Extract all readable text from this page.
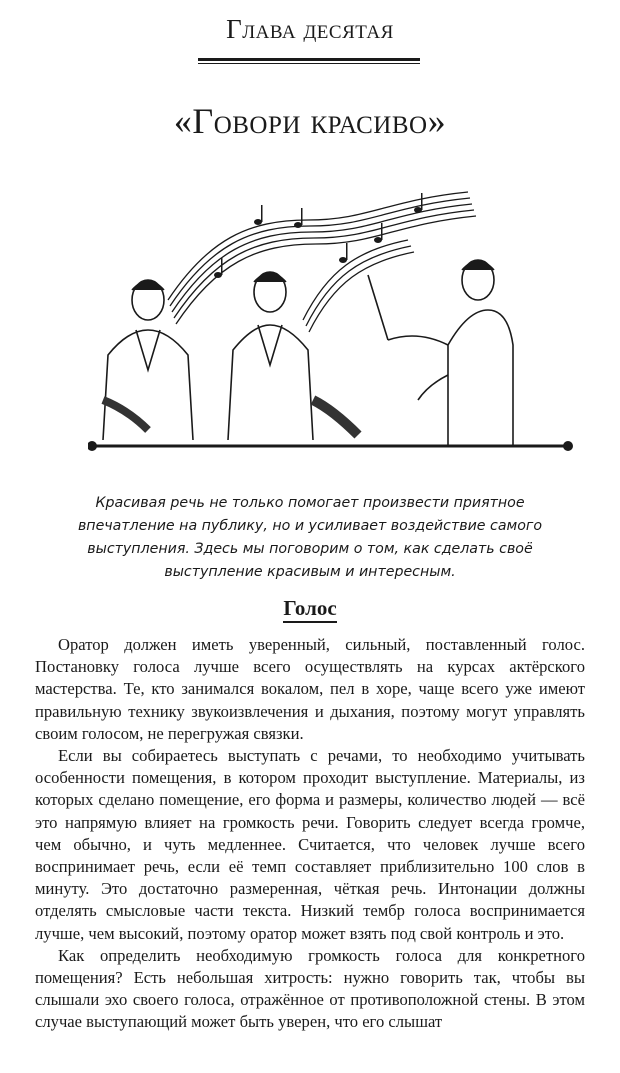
Глава десятая
«Говори красиво»
Красивая речь не только помогает произвести приятное впечатление на публику, но и усиливает воздействие самого выступления. Здесь мы поговорим о том, как сделать своё выступление красивым и интересным.
Голос

Оратор должен иметь уверенный, сильный, поставленный голос. Постановку голоса лучше всего осуществлять на курсах актёрского мастерства. Те, кто занимался вокалом, пел в хоре, чаще всего уже имеют правильную технику звукоизвлечения и дыхания, поэтому могут управлять своим голосом, не перегружая связки.

Если вы собираетесь выступать с речами, то необходимо учитывать особенности помещения, в котором проходит выступление. Материалы, из которых сделано помещение, его форма и размеры, количество людей — всё это напрямую влияет на громкость речи. Говорить следует всегда громче, чем обычно, и чуть медленнее. Считается, что человек лучше всего воспринимает речь, если её темп составляет приблизительно 100 слов в минуту. Это достаточно размеренная, чёткая речь. Интонации должны отделять смысловые части текста. Низкий тембр голоса воспринимается лучше, чем высокий, поэтому оратор может взять под свой контроль и это.

Как определить необходимую громкость голоса для конкретного помещения? Есть небольшая хитрость: нужно говорить так, чтобы вы слышали эхо своего голоса, отражённое от противоположной стены. В этом случае выступающий может быть уверен, что его слышат
